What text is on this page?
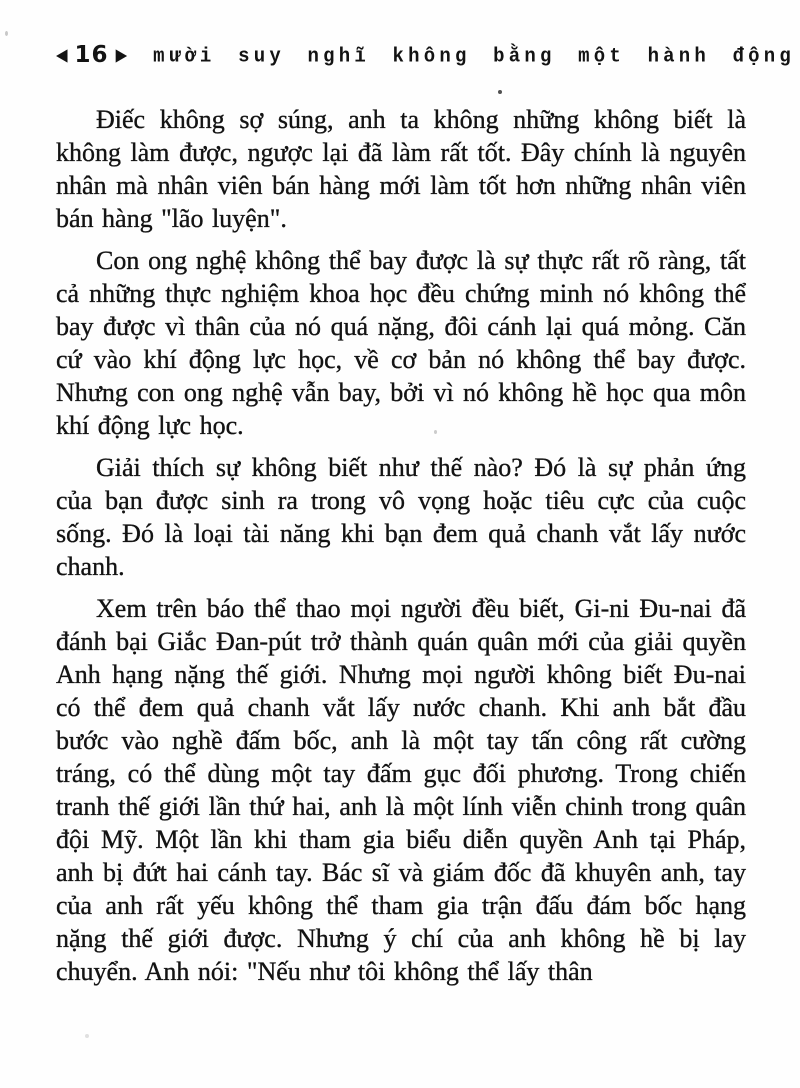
◀ 16 ▶ mười suy nghĩ không bằng một hành động

Điếc không sợ súng, anh ta không những không biết là không làm được, ngược lại đã làm rất tốt. Đây chính là nguyên nhân mà nhân viên bán hàng mới làm tốt hơn những nhân viên bán hàng "lão luyện".

Con ong nghệ không thể bay được là sự thực rất rõ ràng, tất cả những thực nghiệm khoa học đều chứng minh nó không thể bay được vì thân của nó quá nặng, đôi cánh lại quá mỏng. Căn cứ vào khí động lực học, về cơ bản nó không thể bay được. Nhưng con ong nghệ vẫn bay, bởi vì nó không hề học qua môn khí động lực học.

Giải thích sự không biết như thế nào? Đó là sự phản ứng của bạn được sinh ra trong vô vọng hoặc tiêu cực của cuộc sống. Đó là loại tài năng khi bạn đem quả chanh vắt lấy nước chanh.

Xem trên báo thể thao mọi người đều biết, Gi-ni Đu-nai đã đánh bại Giắc Đan-pút trở thành quán quân mới của giải quyền Anh hạng nặng thế giới. Nhưng mọi người không biết Đu-nai có thể đem quả chanh vắt lấy nước chanh. Khi anh bắt đầu bước vào nghề đấm bốc, anh là một tay tấn công rất cường tráng, có thể dùng một tay đấm gục đối phương. Trong chiến tranh thế giới lần thứ hai, anh là một lính viễn chinh trong quân đội Mỹ. Một lần khi tham gia biểu diễn quyền Anh tại Pháp, anh bị đứt hai cánh tay. Bác sĩ và giám đốc đã khuyên anh, tay của anh rất yếu không thể tham gia trận đấu đám bốc hạng nặng thế giới được. Nhưng ý chí của anh không hề bị lay chuyển. Anh nói: "Nếu như tôi không thể lấy thân
